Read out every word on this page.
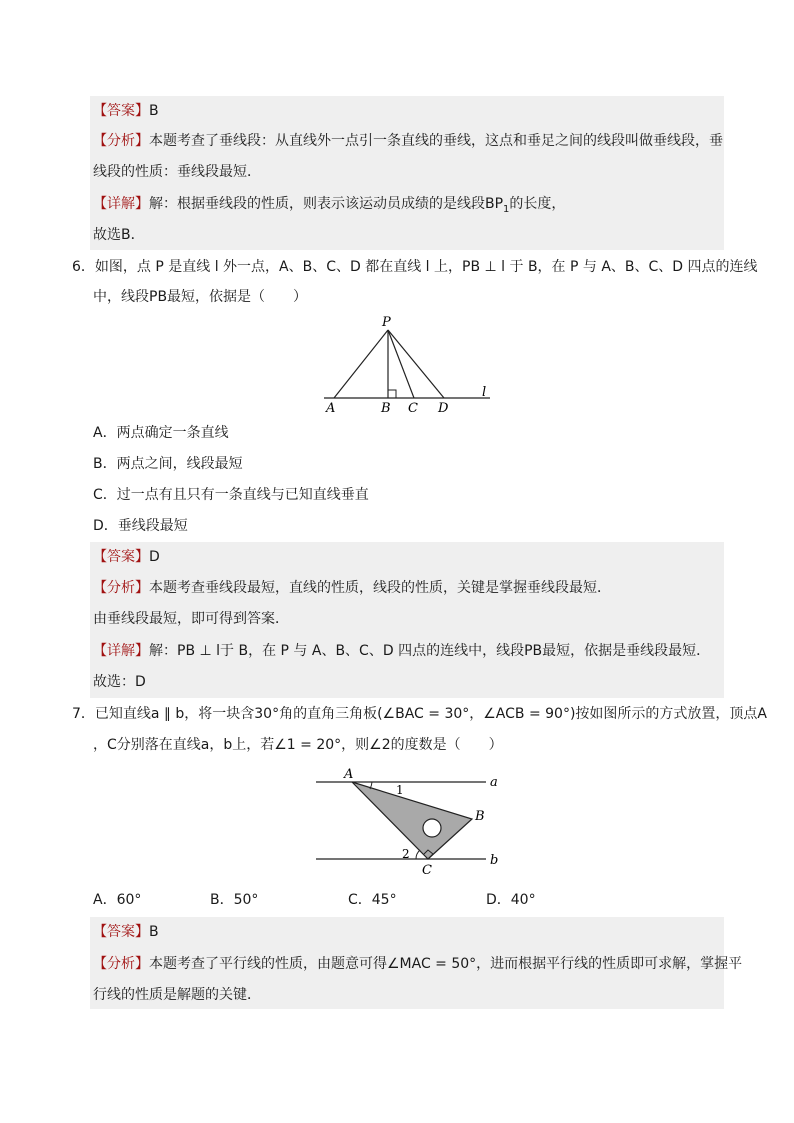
【答案】B
【分析】本题考查了垂线段：从直线外一点引一条直线的垂线，这点和垂足之间的线段叫做垂线段，垂
线段的性质：垂线段最短．
【详解】解：根据垂线段的性质，则表示该运动员成绩的是线段$BP_1$的长度，
故选B．
6．如图，点 P 是直线 l 外一点，A、B、C、D 都在直线 l 上，PB ⊥ l 于 B，在 P 与 A、B、C、D 四点的连线
中，线段PB最短，依据是（　　）
P
A	B C D
l
A．两点确定一条直线
B．两点之间，线段最短
C．过一点有且只有一条直线与已知直线垂直
D．垂线段最短
【答案】D
【分析】本题考查垂线段最短，直线的性质，线段的性质，关键是掌握垂线段最短．
由垂线段最短，即可得到答案．
【详解】解：PB ⊥ l于 B，在 P 与 A、B、C、D 四点的连线中，线段PB最短，依据是垂线段最短．
故选：D
7．已知直线a ∥ b，将一块含30°角的直角三角板(∠BAC = 30°，∠ACB = 90°)按如图所示的方式放置，顶点A
，C分别落在直线a，b上，若∠1 = 20°，则∠2的度数是（　　）
A
a
1
B
2	b
C
A．60°	B．50°	C．45°	D．40°
【答案】B
【分析】本题考查了平行线的性质，由题意可得∠MAC = 50°，进而根据平行线的性质即可求解，掌握平
行线的性质是解题的关键．
